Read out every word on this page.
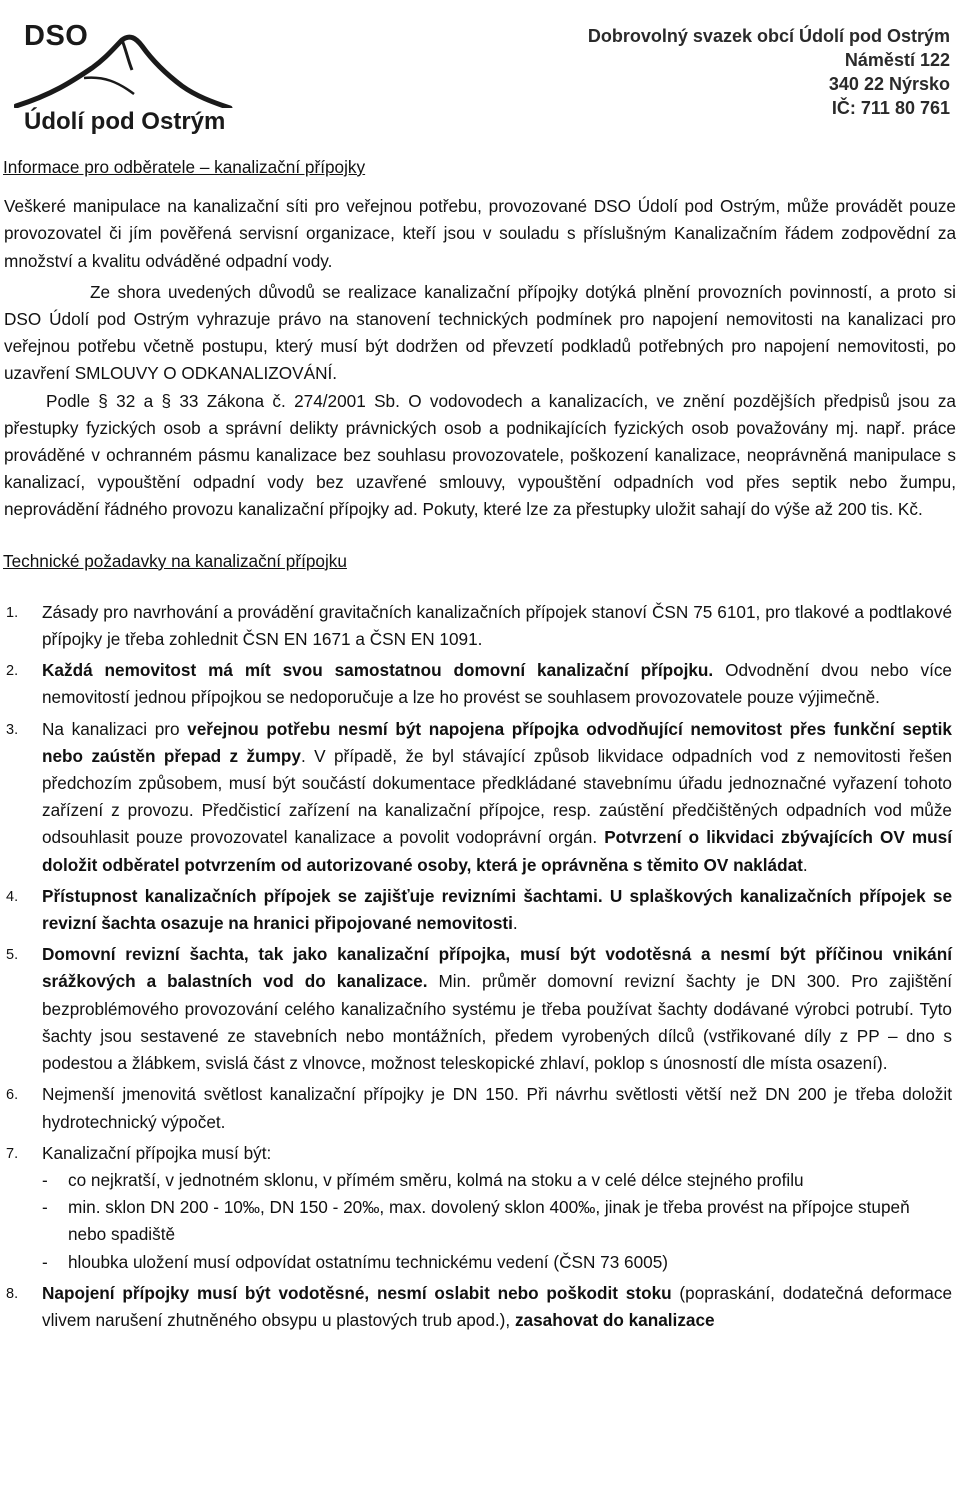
DSO
Údolí pod Ostrým
Dobrovolný svazek obcí Údolí pod Ostrým
Náměstí 122
340 22 Nýrsko
IČ: 711 80 761
Informace pro odběratele – kanalizační přípojky

Veškeré manipulace na kanalizační síti pro veřejnou potřebu, provozované DSO Údolí pod Ostrým, může provádět pouze provozovatel či jím pověřená servisní organizace, kteří jsou v souladu s příslušným Kanalizačním řádem zodpovědní za množství a kvalitu odváděné odpadní vody.

Ze shora uvedených důvodů se realizace kanalizační přípojky dotýká plnění provozních povinností, a proto si DSO Údolí pod Ostrým vyhrazuje právo na stanovení technických podmínek pro napojení nemovitosti na kanalizaci pro veřejnou potřebu včetně postupu, který musí být dodržen od převzetí podkladů potřebných pro napojení nemovitosti, po uzavření SMLOUVY O ODKANALIZOVÁNÍ.

Podle § 32 a § 33 Zákona č. 274/2001 Sb. O vodovodech a kanalizacích, ve znění pozdějších předpisů jsou za přestupky fyzických osob a správní delikty právnických osob a podnikajících fyzických osob považovány mj. např. práce prováděné v ochranném pásmu kanalizace bez souhlasu provozovatele, poškození kanalizace, neoprávněná manipulace s kanalizací, vypouštění odpadní vody bez uzavřené smlouvy, vypouštění odpadních vod přes septik nebo žumpu, neprovádění řádného provozu kanalizační přípojky ad. Pokuty, které lze za přestupky uložit sahají do výše až 200 tis. Kč.

Technické požadavky na kanalizační přípojku
1. Zásady pro navrhování a provádění gravitačních kanalizačních přípojek stanoví ČSN 75 6101, pro tlakové a podtlakové přípojky je třeba zohlednit ČSN EN 1671 a ČSN EN 1091.
2. Každá nemovitost má mít svou samostatnou domovní kanalizační přípojku. Odvodnění dvou nebo více nemovitostí jednou přípojkou se nedoporučuje a lze ho provést se souhlasem provozovatele pouze výjimečně.
3. Na kanalizaci pro veřejnou potřebu nesmí být napojena přípojka odvodňující nemovitost přes funkční septik nebo zaústěn přepad z žumpy. V případě, že byl stávající způsob likvidace odpadních vod z nemovitosti řešen předchozím způsobem, musí být součástí dokumentace předkládané stavebnímu úřadu jednoznačné vyřazení tohoto zařízení z provozu. Předčisticí zařízení na kanalizační přípojce, resp. zaústění předčištěných odpadních vod může odsouhlasit pouze provozovatel kanalizace a povolit vodoprávní orgán. Potvrzení o likvidaci zbývajících OV musí doložit odběratel potvrzením od autorizované osoby, která je oprávněna s těmito OV nakládat.
4. Přístupnost kanalizačních přípojek se zajišťuje revizními šachtami. U splaškových kanalizačních přípojek se revizní šachta osazuje na hranici připojované nemovitosti.
5. Domovní revizní šachta, tak jako kanalizační přípojka, musí být vodotěsná a nesmí být příčinou vnikání srážkových a balastních vod do kanalizace. Min. průměr domovní revizní šachty je DN 300. Pro zajištění bezproblémového provozování celého kanalizačního systému je třeba používat šachty dodávané výrobci potrubí. Tyto šachty jsou sestavené ze stavebních nebo montážních, předem vyrobených dílců (vstřikované díly z PP – dno s podestou a žlábkem, svislá část z vlnovce, možnost teleskopické zhlaví, poklop s únosností dle místa osazení).
6. Nejmenší jmenovitá světlost kanalizační přípojky je DN 150. Při návrhu světlosti větší než DN 200 je třeba doložit hydrotechnický výpočet.
7. Kanalizační přípojka musí být:
- co nejkratší, v jednotném sklonu, v přímém směru, kolmá na stoku a v celé délce stejného profilu
- min. sklon DN 200 - 10‰, DN 150 - 20‰, max. dovolený sklon 400‰, jinak je třeba provést na přípojce stupeň nebo spadiště
- hloubka uložení musí odpovídat ostatnímu technickému vedení (ČSN 73 6005)
8. Napojení přípojky musí být vodotěsné, nesmí oslabit nebo poškodit stoku (popraskání, dodatečná deformace vlivem narušení zhutněného obsypu u plastových trub apod.), zasahovat do kanalizace
